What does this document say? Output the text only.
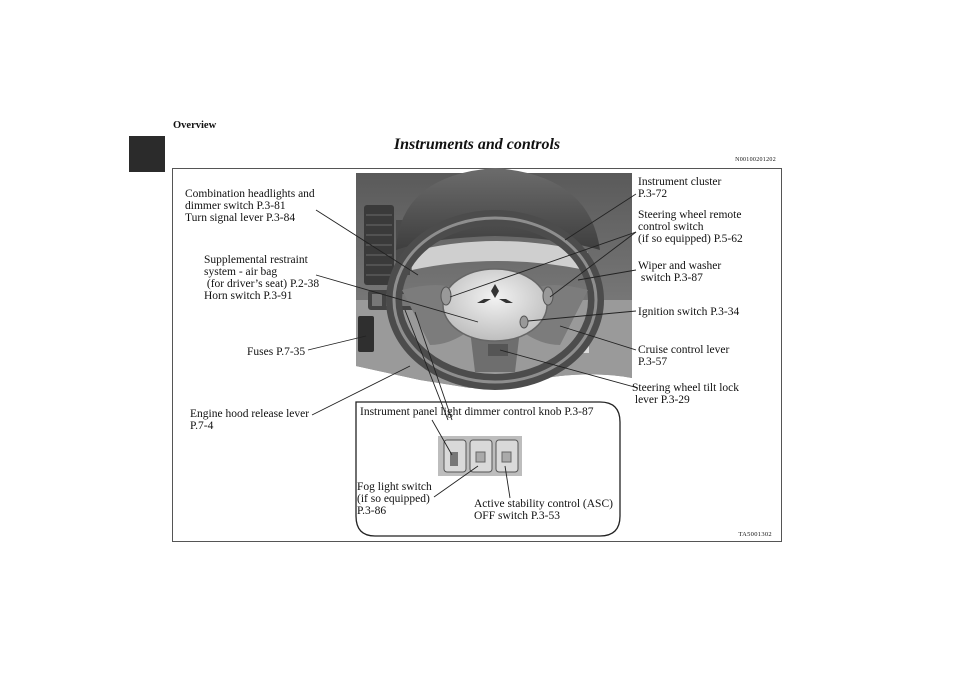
Overview
Instruments and controls
N00100201202
Combination headlights and
dimmer switch P.3-81
Turn signal lever P.3-84
Supplemental restraint
system - air bag
(for driver’s seat) P.2-38
Horn switch P.3-91
Fuses P.7-35
Engine hood release lever
P.7-4
Instrument cluster
P.3-72
Steering wheel remote
control switch
(if so equipped) P.5-62
Wiper and washer
switch P.3-87
Ignition switch P.3-34
Cruise control lever
P.3-57
Steering wheel tilt lock
lever P.3-29
Instrument panel light dimmer control knob P.3-87
Fog light switch
(if so equipped)
P.3-86
Active stability control (ASC)
OFF switch P.3-53
TA5001302
